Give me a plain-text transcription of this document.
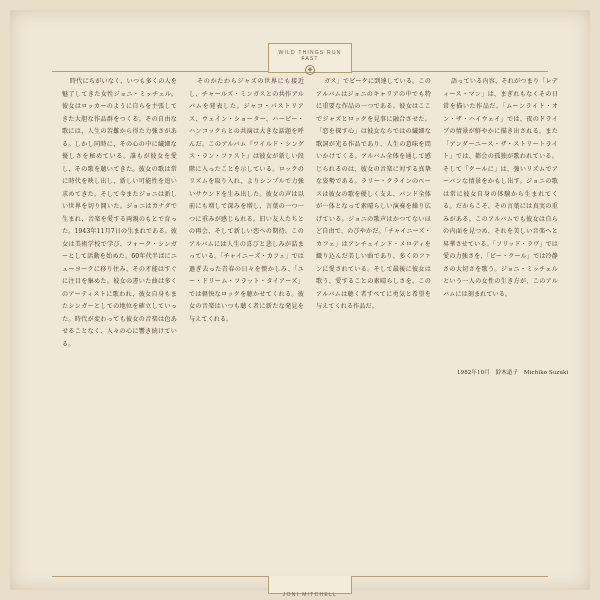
WILD THINGS RUN FAST
◆

時代にちがいなく、いつも多くの人を魅了してきた女性ジョニ・ミッチェル。彼女はロッカーのように自らを主張してきた大胆な作品群をつくる。その自由な歌には、人生の苦難から得た力強さがある。しかし同時に、その心の中に繊細な優しさを秘めている。誰もが彼女を愛し、その歌を聴いてきた。彼女の歌は常に時代を映し出し、新しい可能性を追い求めてきた。そして今またジョニは新しい世界を切り開いた。ジョニはカナダで生まれ、音楽を愛する両親のもとで育った。1943年11月7日の生まれである。彼女は美術学校で学び、フォーク・シンガーとして活動を始めた。60年代半ばにニューヨークに移り住み、その才能はすぐに注目を集めた。彼女の書いた曲は多くのアーティストに歌われ、彼女自身もまたシンガーとしての地位を確立していった。時代が変わっても彼女の音楽は色あせることなく、人々の心に響き続けている。

そのかたわらジャズの世界にも接近し、チャールズ・ミンガスとの共作アルバムを発表した。ジャコ・パストリアス、ウェイン・ショーター、ハービー・ハンコックらとの共演は大きな話題を呼んだ。このアルバム『ワイルド・シングス・ラン・ファスト』は彼女が新しい段階に入ったことを示している。ロックのリズムを取り入れ、よりシンプルで力強いサウンドを生み出した。彼女の声は以前にも増して深みを増し、言葉の一つ一つに重みが感じられる。旧い友人たちとの再会、そして新しい恋への期待。このアルバムには人生の喜びと悲しみが詰まっている。「チャイニーズ・カフェ」では過ぎ去った青春の日々を懐かしみ、「ユー・ドリーム・フラット・タイアーズ」では軽快なロックを聴かせてくれる。彼女の音楽はいつも聴く者に新たな発見を与えてくれる。

ガス」でピークに到達している。このアルバムはジョニのキャリアの中でも特に重要な作品の一つである。彼女はここでジャズとロックを見事に融合させた。「恋を探す心」は彼女ならではの繊細な歌詞が光る作品であり、人生の意味を問いかけてくる。アルバム全体を通して感じられるのは、彼女の音楽に対する真摯な姿勢である。ラリー・クラインのベースは彼女の歌を優しく支え、バンド全体が一体となって素晴らしい演奏を繰り広げている。ジョニの歌声はかつてないほど自由で、のびやかだ。「チャイニーズ・カフェ」はアンチェインド・メロディを織り込んだ美しい曲であり、多くのファンに愛されている。そして最後に彼女は歌う、愛することの素晴らしさを。このアルバムは聴く者すべてに勇気と希望を与えてくれる作品だ。

語っている内容、それがつまり「レディース・マン」は、まぎれもなくその日常を描いた作品だ。「ムーンライト・オン・ザ・ハイウェイ」では、夜のドライブの情景が鮮やかに描き出される。また「アンダーニース・ザ・ストリートライト」では、都会の孤独が歌われている。そして「クールに」は、強いリズムでアーバンな情景をかもし出す。ジョニの歌は常に彼女自身の体験から生まれてくる。だからこそ、その言葉には真実の重みがある。このアルバムでも彼女は自らの内面を見つめ、それを美しい音楽へと昇華させている。「ソリッド・ラヴ」では愛の力強さを、「ビー・クール」では冷静さの大切さを歌う。ジョニ・ミッチェルという一人の女性の生き方が、このアルバムには刻まれている。

1982年10月 鈴木道子 Michiko Suzuki
JONI MITCHELL
